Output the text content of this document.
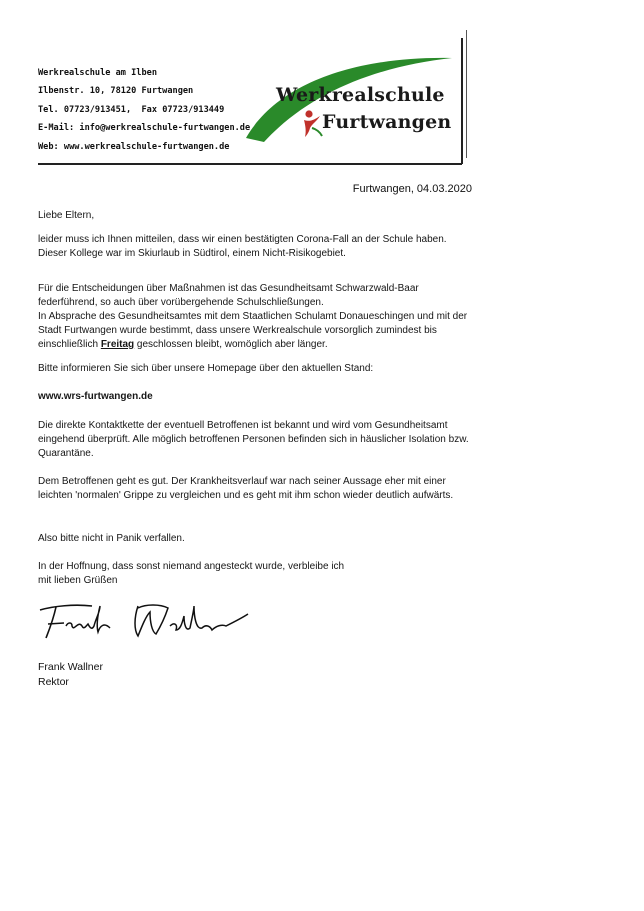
Werkrealschule am Ilben
Ilbenstr. 10, 78120 Furtwangen
Tel. 07723/913451, Fax 07723/913449
E-Mail: info@werkrealschule-furtwangen.de
Web: www.werkrealschule-furtwangen.de
Werkrealschule
Furtwangen
Furtwangen, 04.03.2020

Liebe Eltern,

leider muss ich Ihnen mitteilen, dass wir einen bestätigten Corona-Fall an der Schule haben. Dieser Kollege war im Skiurlaub in Südtirol, einem Nicht-Risikogebiet.

Für die Entscheidungen über Maßnahmen ist das Gesundheitsamt Schwarzwald-Baar federführend, so auch über vorübergehende Schulschließungen.

In Absprache des Gesundheitsamtes mit dem Staatlichen Schulamt Donaueschingen und mit der Stadt Furtwangen wurde bestimmt, dass unsere Werkrealschule vorsorglich zumindest bis einschließlich Freitag geschlossen bleibt, womöglich aber länger.

Bitte informieren Sie sich über unsere Homepage über den aktuellen Stand:

www.wrs-furtwangen.de

Die direkte Kontaktkette der eventuell Betroffenen ist bekannt und wird vom Gesundheitsamt eingehend überprüft. Alle möglich betroffenen Personen befinden sich in häuslicher Isolation bzw. Quarantäne.

Dem Betroffenen geht es gut. Der Krankheitsverlauf war nach seiner Aussage eher mit einer leichten 'normalen' Grippe zu vergleichen und es geht mit ihm schon wieder deutlich aufwärts.

Also bitte nicht in Panik verfallen.

In der Hoffnung, dass sonst niemand angesteckt wurde, verbleibe ich

mit lieben Grüßen

Frank Wallner
Rektor
